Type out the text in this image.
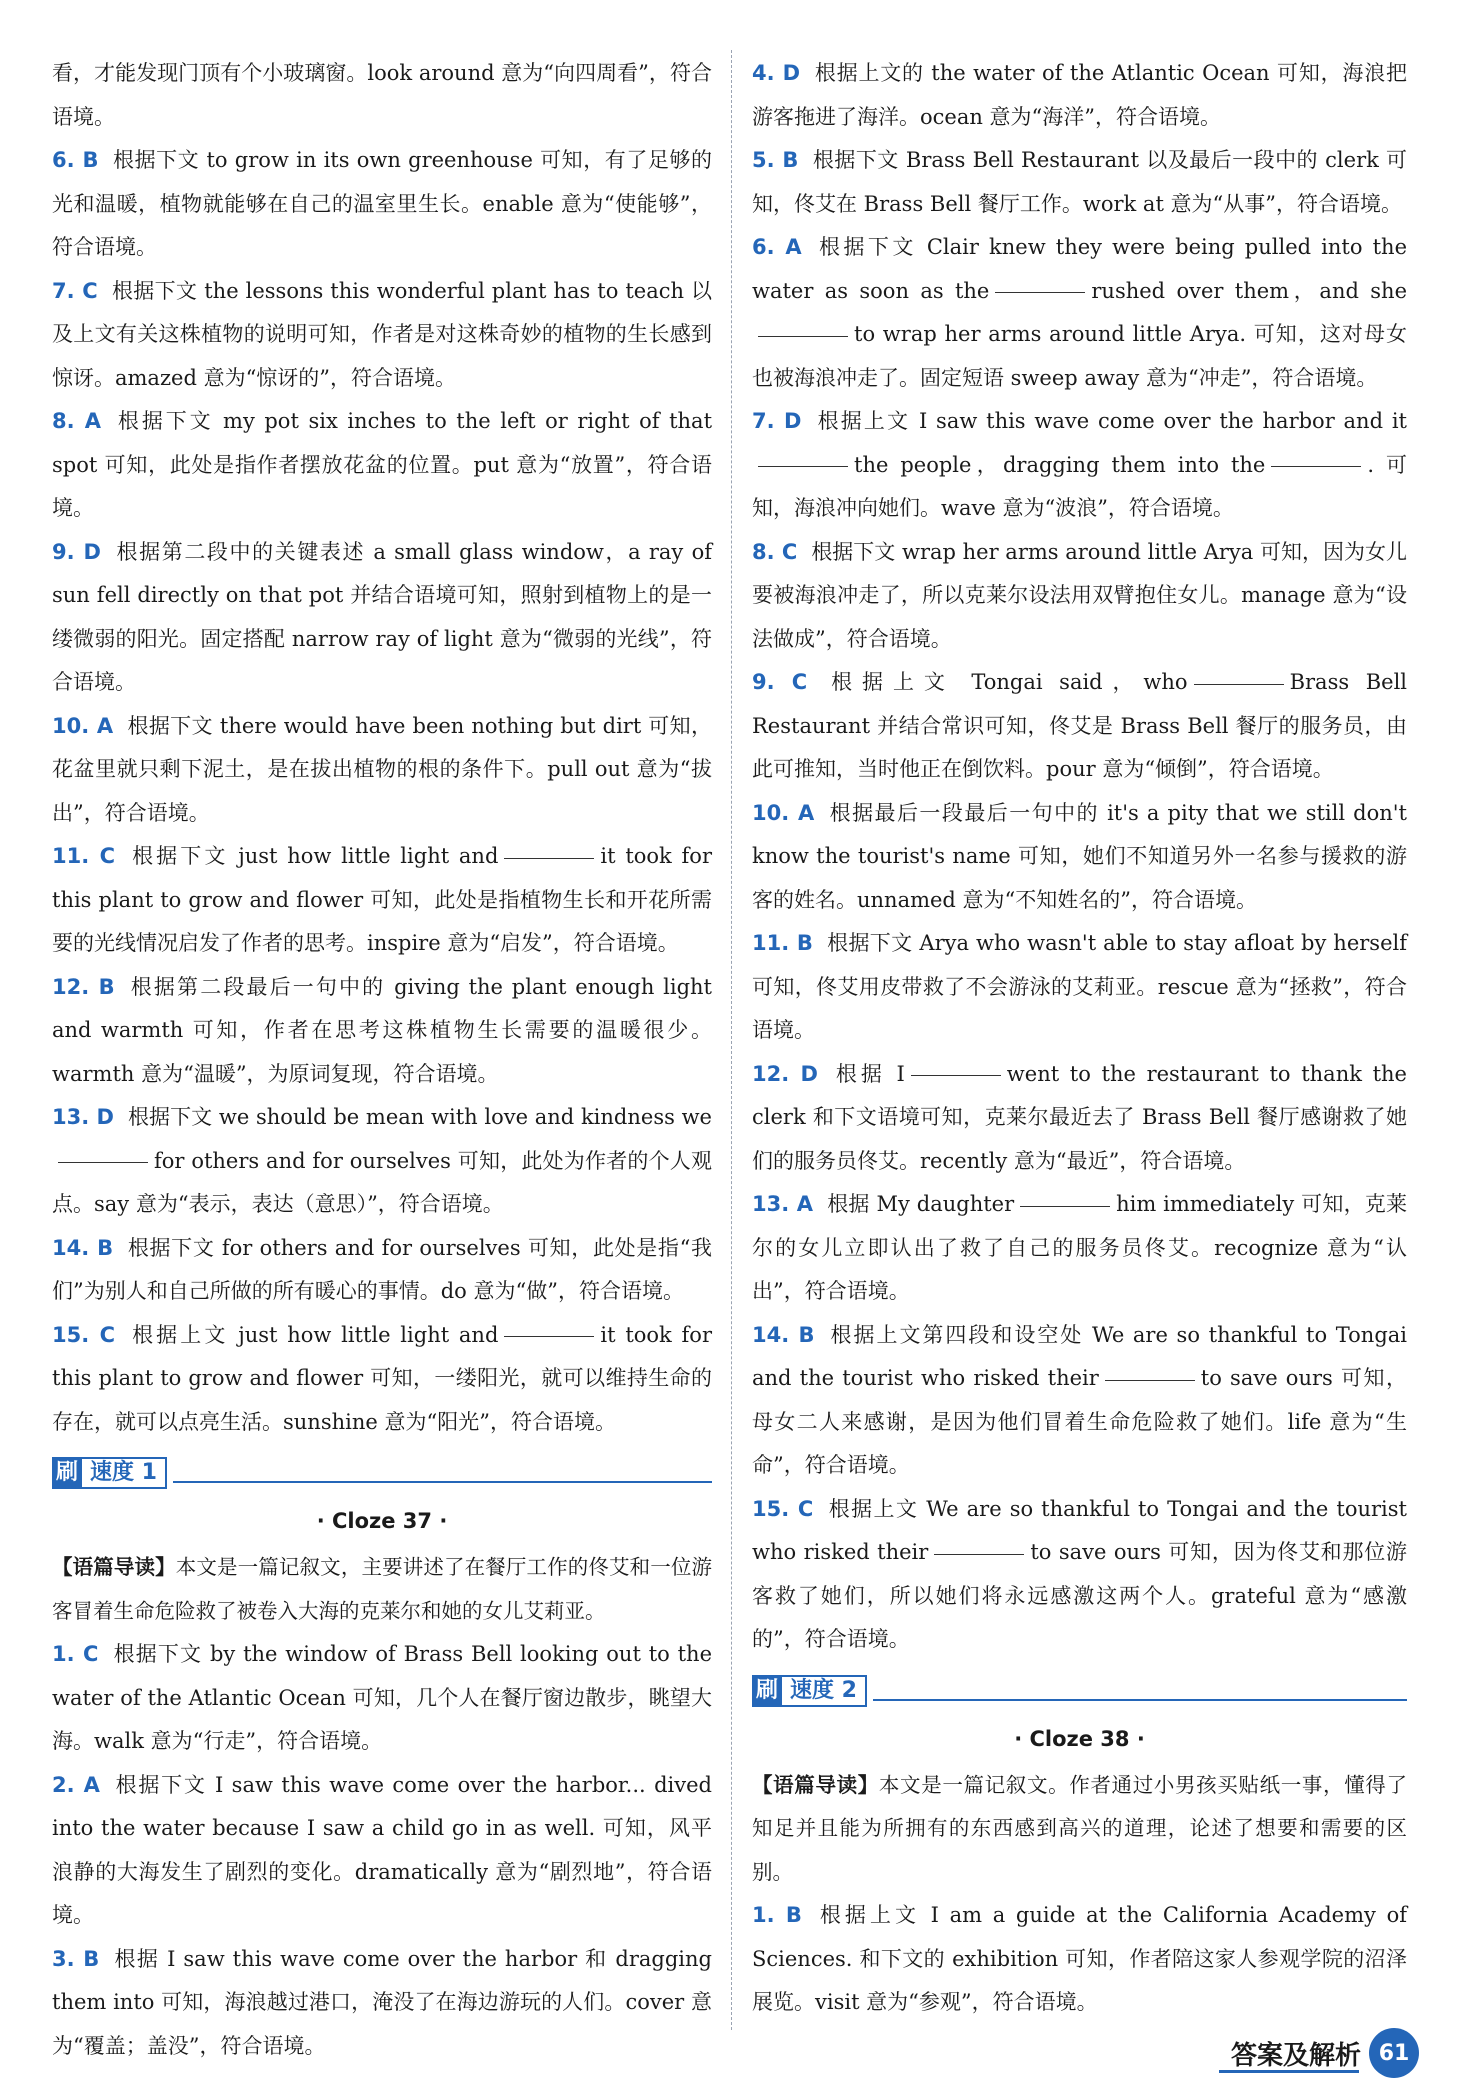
看，才能发现门顶有个小玻璃窗。look around 意为“向四周看”，符合语境。
6. B 根据下文 to grow in its own greenhouse 可知，有了足够的光和温暖，植物就能够在自己的温室里生长。enable 意为“使能够”，符合语境。
7. C 根据下文 the lessons this wonderful plant has to teach 以及上文有关这株植物的说明可知，作者是对这株奇妙的植物的生长感到惊讶。amazed 意为“惊讶的”，符合语境。
8. A 根据下文 my pot six inches to the left or right of that spot 可知，此处是指作者摆放花盆的位置。put 意为“放置”，符合语境。
9. D 根据第二段中的关键表述 a small glass window，a ray of sun fell directly on that pot 并结合语境可知，照射到植物上的是一缕微弱的阳光。固定搭配 narrow ray of light 意为“微弱的光线”，符合语境。
10. A 根据下文 there would have been nothing but dirt 可知，花盆里就只剩下泥土，是在拔出植物的根的条件下。pull out 意为“拔出”，符合语境。
11. C 根据下文 just how little light and	it took for this plant to grow and flower 可知，此处是指植物生长和开花所需要的光线情况启发了作者的思考。inspire 意为“启发”，符合语境。
12. B 根据第二段最后一句中的 giving the plant enough light and warmth 可知，作者在思考这株植物生长需要的温暖很少。warmth 意为“温暖”，为原词复现，符合语境。
13. D 根据下文 we should be mean with love and kindness wefor others and for ourselves 可知，此处为作者的个人观点。say 意为“表示，表达（意思）”，符合语境。
14. B 根据下文 for others and for ourselves 可知，此处是指“我们”为别人和自己所做的所有暖心的事情。do 意为“做”，符合语境。
15. C 根据上文 just how little light and	it took for this plant to grow and flower 可知，一缕阳光，就可以维持生命的存在，就可以点亮生活。sunshine 意为“阳光”，符合语境。
刷 速度 1
· Cloze 37 ·
【语篇导读】本文是一篇记叙文，主要讲述了在餐厅工作的佟艾和一位游客冒着生命危险救了被卷入大海的克莱尔和她的女儿艾莉亚。
1. C 根据下文 by the window of Brass Bell looking out to the water of the Atlantic Ocean 可知，几个人在餐厅窗边散步，眺望大海。walk 意为“行走”，符合语境。
2. A 根据下文 I saw this wave come over the harbor... dived into the water because I saw a child go in as well. 可知，风平浪静的大海发生了剧烈的变化。dramatically 意为“剧烈地”，符合语境。
3. B 根据 I saw this wave come over the harbor 和 dragging them into 可知，海浪越过港口，淹没了在海边游玩的人们。cover 意为“覆盖；盖没”，符合语境。
4. D 根据上文的 the water of the Atlantic Ocean 可知，海浪把游客拖进了海洋。ocean 意为“海洋”，符合语境。
5. B 根据下文 Brass Bell Restaurant 以及最后一段中的 clerk 可知，佟艾在 Brass Bell 餐厅工作。work at 意为“从事”，符合语境。
6. A 根据下文 Clair knew they were being pulled into the water as soon as the	rushed over them，and sheto wrap her arms around little Arya. 可知，这对母女也被海浪冲走了。固定短语 sweep away 意为“冲走”，符合语境。
7. D 根据上文 I saw this wave come over the harbor and itthe people，dragging them into the	. 可知，海浪冲向她们。wave 意为“波浪”，符合语境。
8. C 根据下文 wrap her arms around little Arya 可知，因为女儿要被海浪冲走了，所以克莱尔设法用双臂抱住女儿。manage 意为“设法做成”，符合语境。
9. C 根据上文 Tongai said，who	Brass Bell Restaurant 并结合常识可知，佟艾是 Brass Bell 餐厅的服务员，由此可推知，当时他正在倒饮料。pour 意为“倾倒”，符合语境。
10. A 根据最后一段最后一句中的 it's a pity that we still don't know the tourist's name 可知，她们不知道另外一名参与援救的游客的姓名。unnamed 意为“不知姓名的”，符合语境。
11. B 根据下文 Arya who wasn't able to stay afloat by herself 可知，佟艾用皮带救了不会游泳的艾莉亚。rescue 意为“拯救”，符合语境。
12. D 根据 I	went to the restaurant to thank the clerk 和下文语境可知，克莱尔最近去了 Brass Bell 餐厅感谢救了她们的服务员佟艾。recently 意为“最近”，符合语境。
13. A 根据 My daughter	him immediately 可知，克莱尔的女儿立即认出了救了自己的服务员佟艾。recognize 意为“认出”，符合语境。
14. B 根据上文第四段和设空处 We are so thankful to Tongai and the tourist who risked their	to save ours 可知，母女二人来感谢，是因为他们冒着生命危险救了她们。life 意为“生命”，符合语境。
15. C 根据上文 We are so thankful to Tongai and the tourist who risked their	to save ours 可知，因为佟艾和那位游客救了她们，所以她们将永远感激这两个人。grateful 意为“感激的”，符合语境。
刷 速度 2
· Cloze 38 ·
【语篇导读】本文是一篇记叙文。作者通过小男孩买贴纸一事，懂得了知足并且能为所拥有的东西感到高兴的道理，论述了想要和需要的区别。
1. B 根据上文 I am a guide at the California Academy of Sciences. 和下文的 exhibition 可知，作者陪这家人参观学院的沼泽展览。visit 意为“参观”，符合语境。
答案及解析 61
